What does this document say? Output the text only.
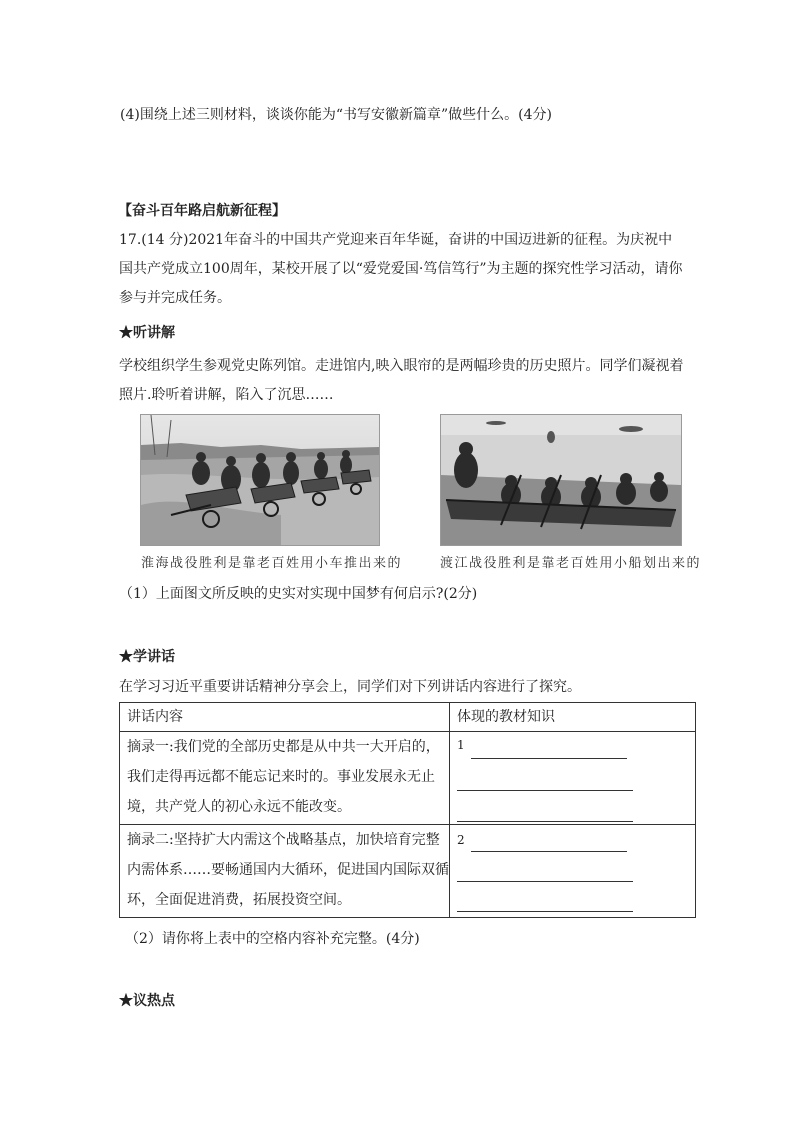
(4)围绕上述三则材料，谈谈你能为“书写安徽新篇章”做些什么。(4分)
【奋斗百年路启航新征程】
17.(14 分)2021年奋斗的中国共产党迎来百年华诞，奋讲的中国迈进新的征程。为庆祝中国共产党成立100周年，某校开展了以“爱党爱国·笃信笃行”为主题的探究性学习活动，请你参与并完成任务。
★听讲解
学校组织学生参观党史陈列馆。走进馆内,映入眼帘的是两幅珍贵的历史照片。同学们凝视着照片.聆听着讲解，陷入了沉思……
淮海战役胜利是靠老百姓用小车推出来的	渡江战役胜利是靠老百姓用小船划出来的
（1）上面图文所反映的史实对实现中国梦有何启示?(2分)
★学讲话
在学习习近平重要讲话精神分享会上，同学们对下列讲话内容进行了探究。
讲话内容	体现的教材知识
摘录一:我们党的全部历史都是从中共一大开启的，我们走得再远都不能忘记来时的。事业发展永无止境，共产党人的初心永远不能改变。	1

摘录二:坚持扩大内需这个战略基点，加快培育完整内需体系……要畅通国内大循环，促进国内国际双循环，全面促进消费，拓展投资空间。	2
（2）请你将上表中的空格内容补充完整。(4分)
★议热点
